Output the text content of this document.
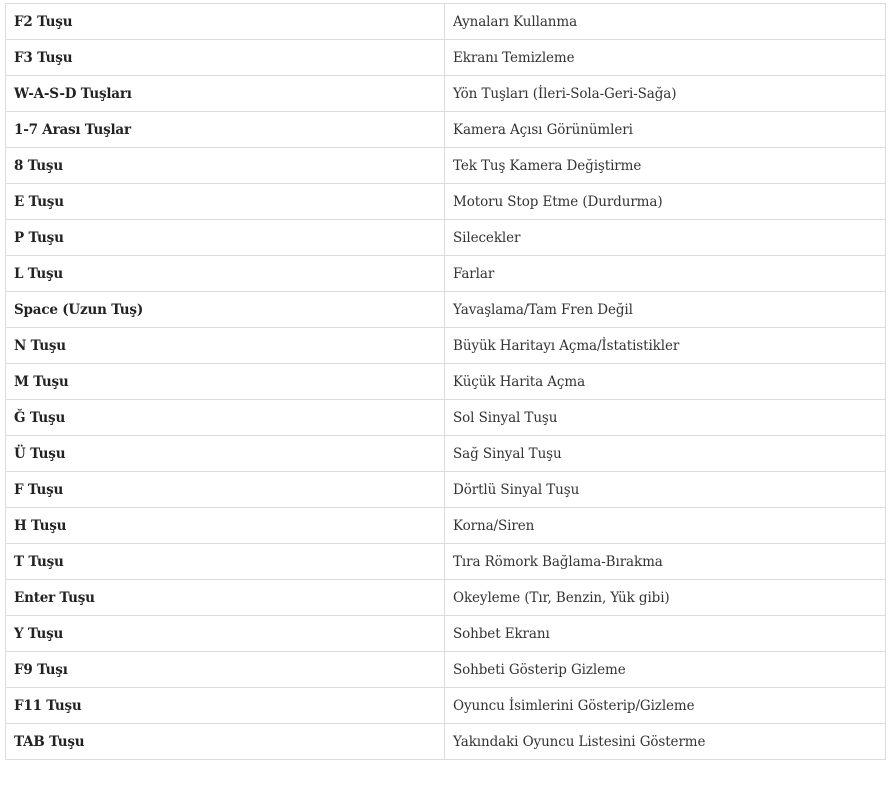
F2 Tuşu	Aynaları Kullanma
F3 Tuşu	Ekranı Temizleme
W-A-S-D Tuşları	Yön Tuşları (İleri-Sola-Geri-Sağa)
1-7 Arası Tuşlar	Kamera Açısı Görünümleri
8 Tuşu	Tek Tuş Kamera Değiştirme
E Tuşu	Motoru Stop Etme (Durdurma)
P Tuşu	Silecekler
L Tuşu	Farlar
Space (Uzun Tuş)	Yavaşlama/Tam Fren Değil
N Tuşu	Büyük Haritayı Açma/İstatistikler
M Tuşu	Küçük Harita Açma
Ğ Tuşu	Sol Sinyal Tuşu
Ü Tuşu	Sağ Sinyal Tuşu
F Tuşu	Dörtlü Sinyal Tuşu
H Tuşu	Korna/Siren
T Tuşu	Tıra Römork Bağlama-Bırakma
Enter Tuşu	Okeyleme (Tır, Benzin, Yük gibi)
Y Tuşu	Sohbet Ekranı
F9 Tuşı	Sohbeti Gösterip Gizleme
F11 Tuşu	Oyuncu İsimlerini Gösterip/Gizleme
TAB Tuşu	Yakındaki Oyuncu Listesini Gösterme
